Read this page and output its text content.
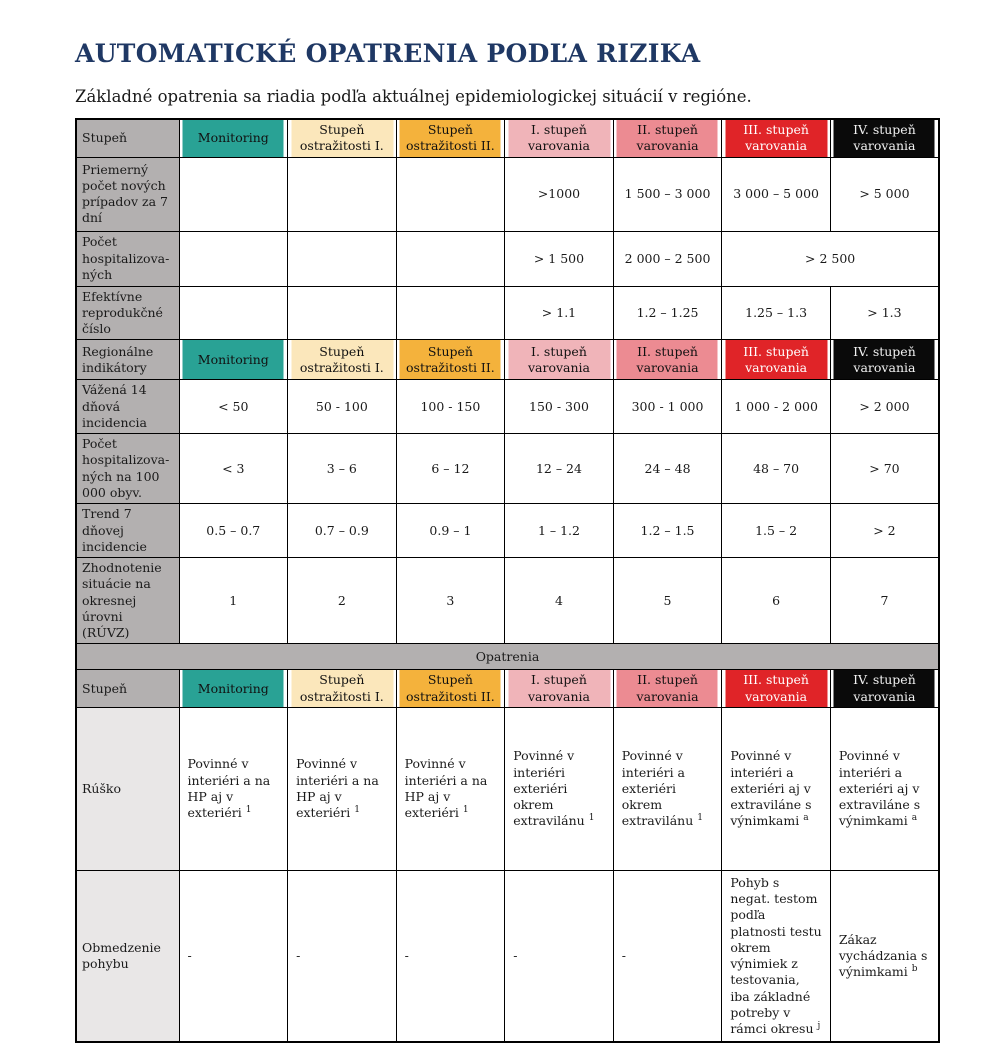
AUTOMATICKÉ OPATRENIA PODĽA RIZIKA

Základné opatrenia sa riadia podľa aktuálnej epidemiologickej situácií v regióne.

Stupeň	Monitoring	Stupeň ostražitosti I.	Stupeň ostražitosti II.	I. stupeň varovania	II. stupeň varovania	III. stupeň varovania	IV. stupeň varovania
Priemerný počet nových prípadov za 7 dní				>1000	1 500 – 3 000	3 000 – 5 000	> 5 000
Počet hospitalizova-ných				> 1 500	2 000 – 2 500	> 2 500	
Efektívne reprodukčné číslo				> 1.1	1.2 – 1.25	1.25 – 1.3	> 1.3
Regionálne indikátory	Monitoring	Stupeň ostražitosti I.	Stupeň ostražitosti II.	I. stupeň varovania	II. stupeň varovania	III. stupeň varovania	IV. stupeň varovania
Vážená 14 dňová incidencia	< 50	50 - 100	100 - 150	150 - 300	300 - 1 000	1 000 - 2 000	> 2 000
Počet hospitalizova-ných na 100 000 obyv.	< 3	3 – 6	6 – 12	12 – 24	24 – 48	48 – 70	> 70
Trend 7 dňovej incidencie	0.5 – 0.7	0.7 – 0.9	0.9 – 1	1 – 1.2	1.2 – 1.5	1.5 – 2	> 2
Zhodnotenie situácie na okresnej úrovni (RÚVZ)	1	2	3	4	5	6	7
Opatrenia							
Stupeň	Monitoring	Stupeň ostražitosti I.	Stupeň ostražitosti II.	I. stupeň varovania	II. stupeň varovania	III. stupeň varovania	IV. stupeň varovania
Rúško	Povinné v interiéri a na HP aj v exteriéri $^1$	Povinné v interiéri a na HP aj v exteriéri $^1$	Povinné v interiéri a na HP aj v exteriéri $^1$	Povinné v interiéri exteriéri okrem extravilánu $^1$	Povinné v interiéri a exteriéri okrem extravilánu $^1$	Povinné v interiéri a exteriéri aj v extraviláne s výnimkami $^a$	Povinné v interiéri a exteriéri aj v extraviláne s výnimkami $^a$
Obmedzenie pohybu	-	-	-	-	-	Pohyb s negat. testom podľa platnosti testu okrem výnimiek z testovania, iba základné potreby v rámci okresu $^j$	Zákaz vychádzania s výnimkami $^b$
